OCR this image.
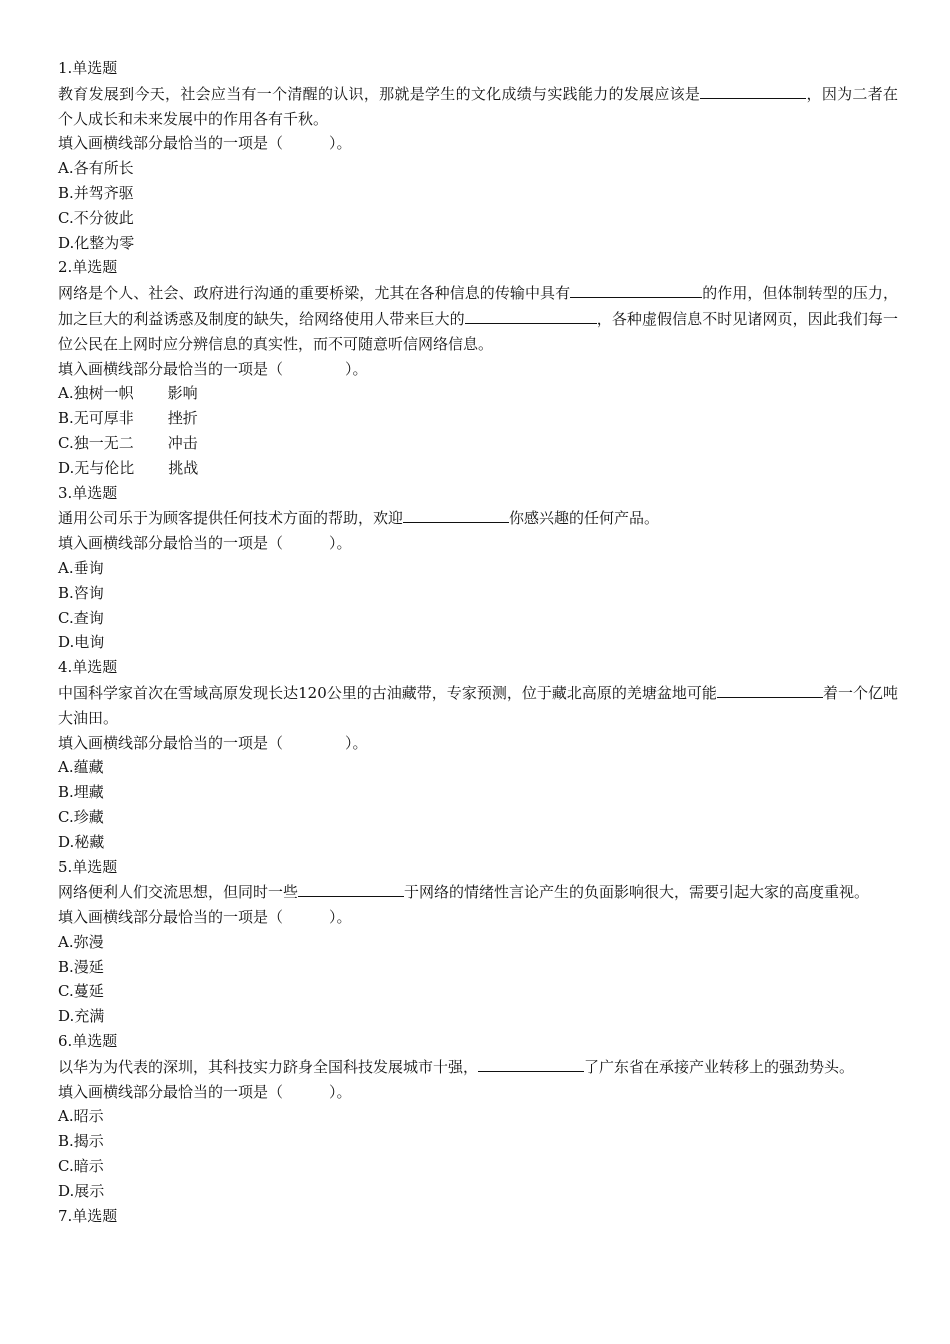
1.单选题
教育发展到今天，社会应当有一个清醒的认识，那就是学生的文化成绩与实践能力的发展应该是	，因为二者在个人成长和未来发展中的作用各有千秋。
填入画横线部分最恰当的一项是（	）。
A.各有所长
B.并驾齐驱
C.不分彼此
D.化整为零
2.单选题
网络是个人、社会、政府进行沟通的重要桥梁，尤其在各种信息的传输中具有	的作用，但体制转型的压力，加之巨大的利益诱惑及制度的缺失，给网络使用人带来巨大的	，各种虚假信息不时见诸网页，因此我们每一位公民在上网时应分辨信息的真实性，而不可随意听信网络信息。
填入画横线部分最恰当的一项是（	）。
A.独树一帜 影响
B.无可厚非 挫折
C.独一无二 冲击
D.无与伦比 挑战
3.单选题
通用公司乐于为顾客提供任何技术方面的帮助，欢迎	你感兴趣的任何产品。
填入画横线部分最恰当的一项是（	）。
A.垂询
B.咨询
C.查询
D.电询
4.单选题
中国科学家首次在雪域高原发现长达120公里的古油藏带，专家预测，位于藏北高原的羌塘盆地可能	着一个亿吨大油田。
填入画横线部分最恰当的一项是（	）。
A.蕴藏
B.埋藏
C.珍藏
D.秘藏
5.单选题
网络便利人们交流思想，但同时一些	于网络的情绪性言论产生的负面影响很大，需要引起大家的高度重视。
填入画横线部分最恰当的一项是（	）。
A.弥漫
B.漫延
C.蔓延
D.充满
6.单选题
以华为为代表的深圳，其科技实力跻身全国科技发展城市十强，	了广东省在承接产业转移上的强劲势头。
填入画横线部分最恰当的一项是（	）。
A.昭示
B.揭示
C.暗示
D.展示
7.单选题
